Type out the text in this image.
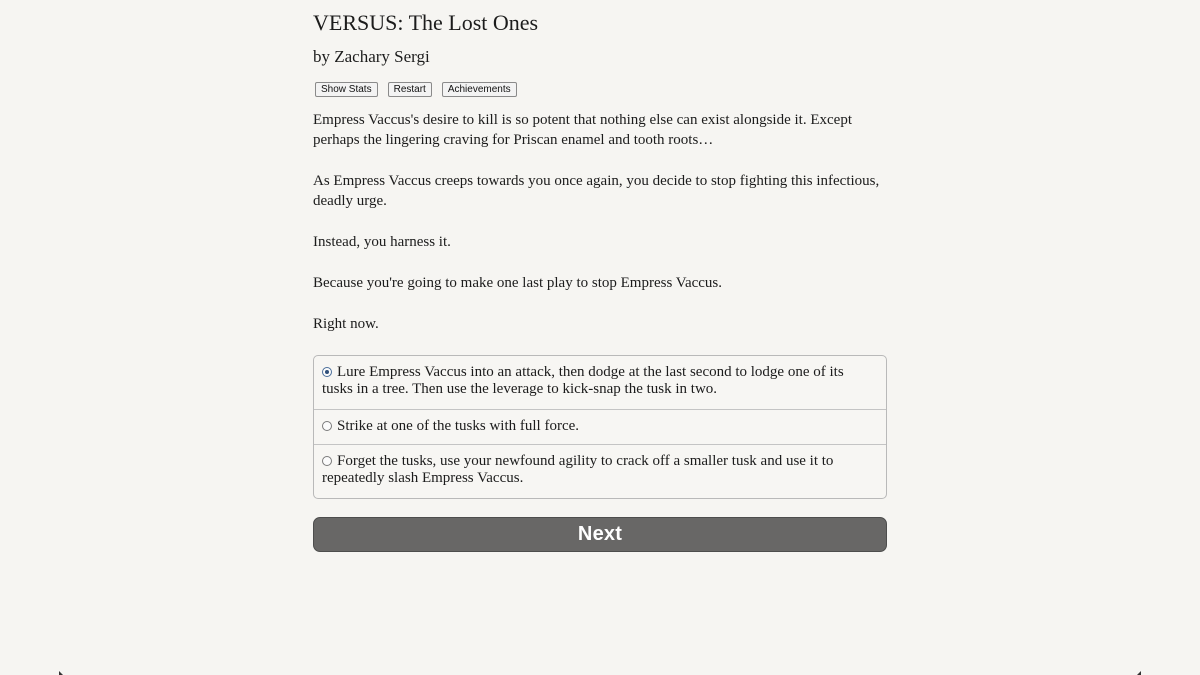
VERSUS: The Lost Ones
by Zachary Sergi
Show Stats	Restart	Achievements

Empress Vaccus's desire to kill is so potent that nothing else can exist alongside it. Except perhaps the lingering craving for Priscan enamel and tooth roots…

As Empress Vaccus creeps towards you once again, you decide to stop fighting this infectious, deadly urge.

Instead, you harness it.

Because you're going to make one last play to stop Empress Vaccus.

Right now.

Lure Empress Vaccus into an attack, then dodge at the last second to lodge one of its tusks in a tree. Then use the leverage to kick-snap the tusk in two.
Strike at one of the tusks with full force.
Forget the tusks, use your newfound agility to crack off a smaller tusk and use it to repeatedly slash Empress Vaccus.
Next
